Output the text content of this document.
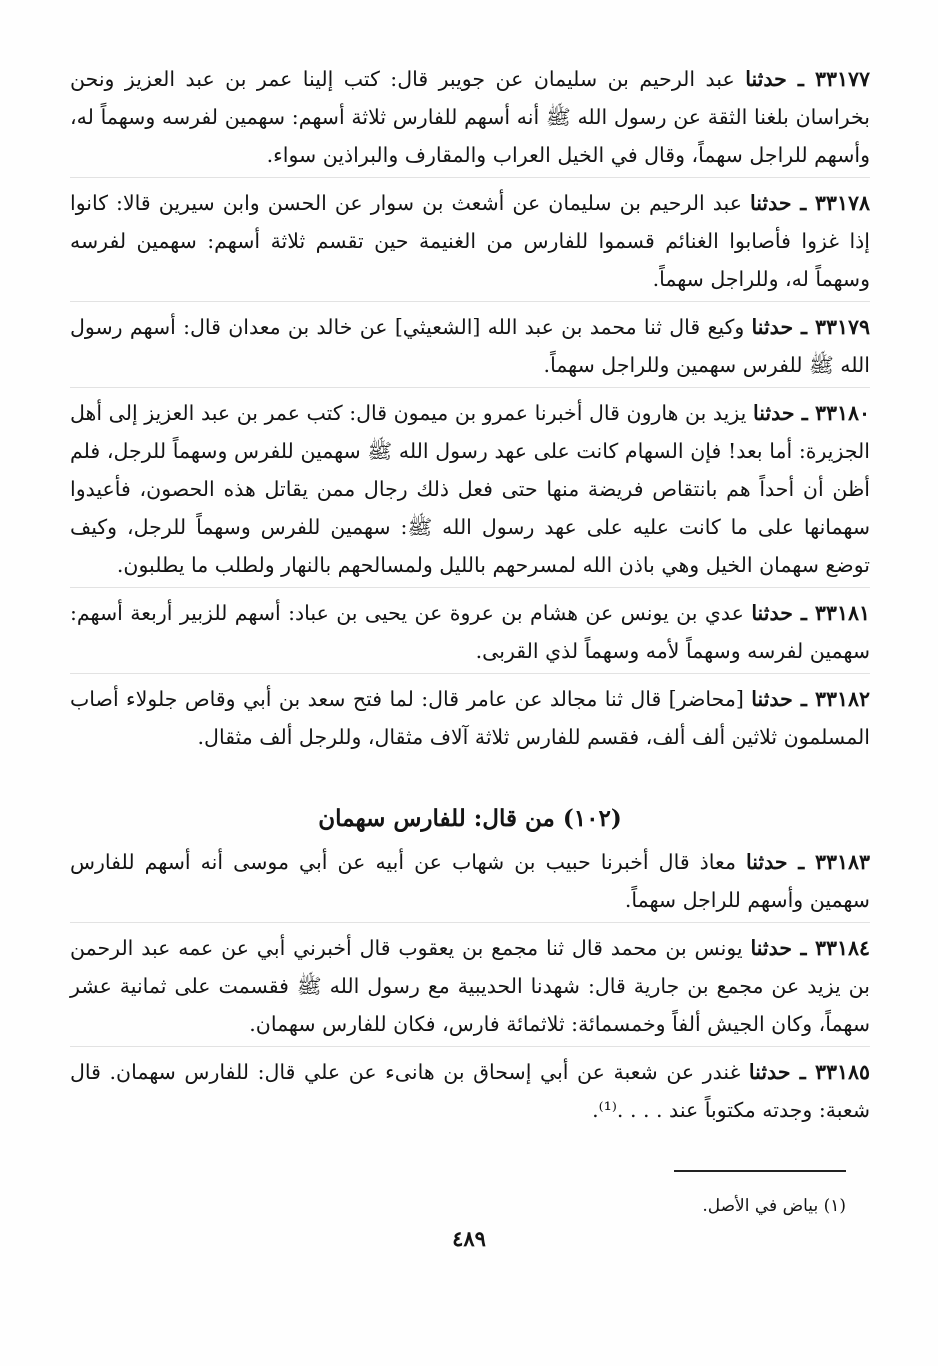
٣٣١٧٧ ـ حدثنا عبد الرحيم بن سليمان عن جويبر قال: كتب إلينا عمر بن عبد العزيز ونحن بخراسان بلغنا الثقة عن رسول الله ﷺ أنه أسهم للفارس ثلاثة أسهم: سهمين لفرسه وسهماً له، وأسهم للراجل سهماً، وقال في الخيل العراب والمقارف والبراذين سواء.

٣٣١٧٨ ـ حدثنا عبد الرحيم بن سليمان عن أشعث بن سوار عن الحسن وابن سيرين قالا: كانوا إذا غزوا فأصابوا الغنائم قسموا للفارس من الغنيمة حين تقسم ثلاثة أسهم: سهمين لفرسه وسهماً له، وللراجل سهماً.

٣٣١٧٩ ـ حدثنا وكيع قال ثنا محمد بن عبد الله [الشعيثي] عن خالد بن معدان قال: أسهم رسول الله ﷺ للفرس سهمين وللراجل سهماً.

٣٣١٨٠ ـ حدثنا يزيد بن هارون قال أخبرنا عمرو بن ميمون قال: كتب عمر بن عبد العزيز إلى أهل الجزيرة: أما بعد! فإن السهام كانت على عهد رسول الله ﷺ سهمين للفرس وسهماً للرجل، فلم أظن أن أحداً هم بانتقاص فريضة منها حتى فعل ذلك رجال ممن يقاتل هذه الحصون، فأعيدوا سهمانها على ما كانت عليه على عهد رسول الله ﷺ: سهمين للفرس وسهماً للرجل، وكيف توضع سهمان الخيل وهي باذن الله لمسرحهم بالليل ولمسالحهم بالنهار ولطلب ما يطلبون.

٣٣١٨١ ـ حدثنا عدي بن يونس عن هشام بن عروة عن يحيى بن عباد: أسهم للزبير أربعة أسهم: سهمين لفرسه وسهماً لأمه وسهماً لذي القربى.

٣٣١٨٢ ـ حدثنا [محاضر] قال ثنا مجالد عن عامر قال: لما فتح سعد بن أبي وقاص جلولاء أصاب المسلمون ثلاثين ألف ألف، فقسم للفارس ثلاثة آلاف مثقال، وللرجل ألف مثقال.

(١٠٢) من قال: للفارس سهمان

٣٣١٨٣ ـ حدثنا معاذ قال أخبرنا حبيب بن شهاب عن أبيه عن أبي موسى أنه أسهم للفارس سهمين وأسهم للراجل سهماً.

٣٣١٨٤ ـ حدثنا يونس بن محمد قال ثنا مجمع بن يعقوب قال أخبرني أبي عن عمه عبد الرحمن بن يزيد عن مجمع بن جارية قال: شهدنا الحديبية مع رسول الله ﷺ فقسمت على ثمانية عشر سهماً، وكان الجيش ألفاً وخمسمائة: ثلاثمائة فارس، فكان للفارس سهمان.

٣٣١٨٥ ـ حدثنا غندر عن شعبة عن أبي إسحاق بن هانىء عن علي قال: للفارس سهمان. قال شعبة: وجدته مكتوباً عند . . . .⁽¹⁾.

(١) بياض في الأصل.
٤٨٩
